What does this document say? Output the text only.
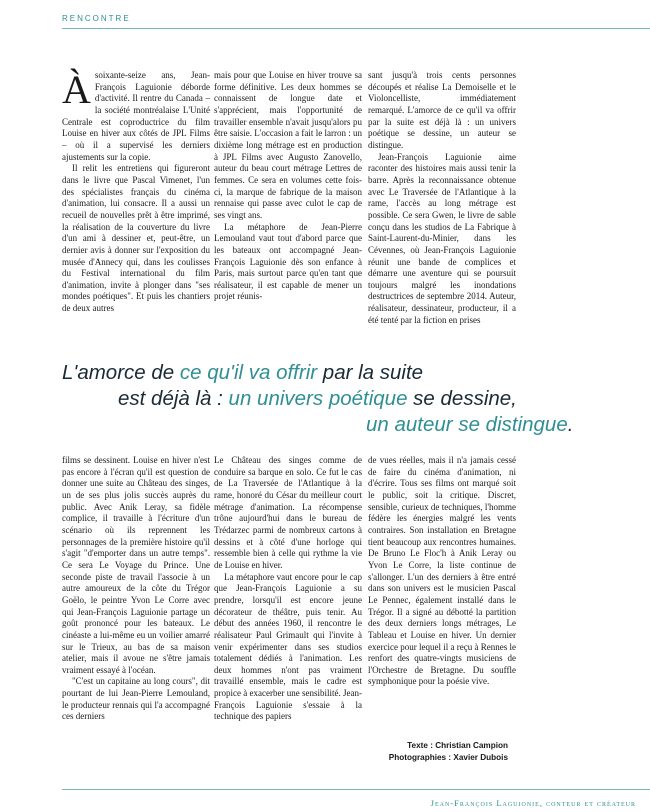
RENCONTRE
À soixante-seize ans, Jean-François Laguionie déborde d'activité. Il rentre du Canada – la société montréalaise L'Unité Centrale est coproductrice du film Louise en hiver aux côtés de JPL Films – où il a supervisé les derniers ajustements sur la copie.

Il relit les entretiens qui figureront dans le livre que Pascal Vimenet, l'un des spécialistes français du cinéma d'animation, lui consacre. Il a aussi un recueil de nouvelles prêt à être imprimé, la réalisation de la couverture du livre d'un ami à dessiner et, peut-être, un dernier avis à donner sur l'exposition du musée d'Annecy qui, dans les coulisses du Festival international du film d'animation, invite à plonger dans "ses mondes poétiques". Et puis les chantiers de deux autres

mais pour que Louise en hiver trouve sa forme définitive. Les deux hommes se connaissent de longue date et s'apprécient, mais l'opportunité de travailler ensemble n'avait jusqu'alors pu être saisie. L'occasion a fait le larron : un dixième long métrage est en production à JPL Films avec Augusto Zanovello, auteur du beau court métrage Lettres de femmes. Ce sera en volumes cette fois-ci, la marque de fabrique de la maison rennaise qui passe avec culot le cap de ses vingt ans.

La métaphore de Jean-Pierre Lemouland vaut tout d'abord parce que les bateaux ont accompagné Jean-François Laguionie dès son enfance à Paris, mais surtout parce qu'en tant que réalisateur, il est capable de mener un projet réunis-

sant jusqu'à trois cents personnes découpés et réalise La Demoiselle et le Violoncelliste, immédiatement remarqué. L'amorce de ce qu'il va offrir par la suite est déjà là : un univers poétique se dessine, un auteur se distingue.

Jean-François Laguionie aime raconter des histoires mais aussi tenir la barre. Après la reconnaissance obtenue avec Le Traversée de l'Atlantique à la rame, l'accès au long métrage est possible. Ce sera Gwen, le livre de sable conçu dans les studios de La Fabrique à Saint-Laurent-du-Minier, dans les Cévennes, où Jean-François Laguionie réunit une bande de complices et démarre une aventure qui se poursuit toujours malgré les inondations destructrices de septembre 2014. Auteur, réalisateur, dessinateur, producteur, il a été tenté par la fiction en prises

L'amorce de ce qu'il va offrir par la suite
est déjà là : un univers poétique se dessine,
un auteur se distingue.

films se dessinent. Louise en hiver n'est pas encore à l'écran qu'il est question de donner une suite au Château des singes, un de ses plus jolis succès auprès du public. Avec Anik Leray, sa fidèle complice, il travaille à l'écriture d'un scénario où ils reprennent les personnages de la première histoire qu'il s'agit "d'emporter dans un autre temps". Ce sera Le Voyage du Prince. Une seconde piste de travail l'associe à un autre amoureux de la côte du Trégor Goëlo, le peintre Yvon Le Corre avec qui Jean-François Laguionie partage un goût prononcé pour les bateaux. Le cinéaste a lui-même eu un voilier amarré sur le Trieux, au bas de sa maison atelier, mais il avoue ne s'être jamais vraiment essayé à l'océan.

"C'est un capitaine au long cours", dit pourtant de lui Jean-Pierre Lemouland, le producteur rennais qui l'a accompagné ces derniers

Le Château des singes comme de conduire sa barque en solo. Ce fut le cas de La Traversée de l'Atlantique à la rame, honoré du César du meilleur court métrage d'animation. La récompense trône aujourd'hui dans le bureau de Trédarzec parmi de nombreux cartons à dessins et à côté d'une horloge qui ressemble bien à celle qui rythme la vie de Louise en hiver.

La métaphore vaut encore pour le cap que Jean-François Laguionie a su prendre, lorsqu'il est encore jeune décorateur de théâtre, puis tenir. Au début des années 1960, il rencontre le réalisateur Paul Grimault qui l'invite à venir expérimenter dans ses studios totalement dédiés à l'animation. Les deux hommes n'ont pas vraiment travaillé ensemble, mais le cadre est propice à exacerber une sensibilité. Jean-François Laguionie s'essaie à la technique des papiers

de vues réelles, mais il n'a jamais cessé de faire du cinéma d'animation, ni d'écrire. Tous ses films ont marqué soit le public, soit la critique. Discret, sensible, curieux de techniques, l'homme fédère les énergies malgré les vents contraires. Son installation en Bretagne tient beaucoup aux rencontres humaines. De Bruno Le Floc'h à Anik Leray ou Yvon Le Corre, la liste continue de s'allonger. L'un des derniers à être entré dans son univers est le musicien Pascal Le Pennec, également installé dans le Trégor. Il a signé au débotté la partition des deux derniers longs métrages, Le Tableau et Louise en hiver. Un dernier exercice pour lequel il a reçu à Rennes le renfort des quatre-vingts musiciens de l'Orchestre de Bretagne. Du souffle symphonique pour la poésie vive.

Texte : Christian Campion
Photographies : Xavier Dubois
Jean-François Laguionie, conteur et créateur
